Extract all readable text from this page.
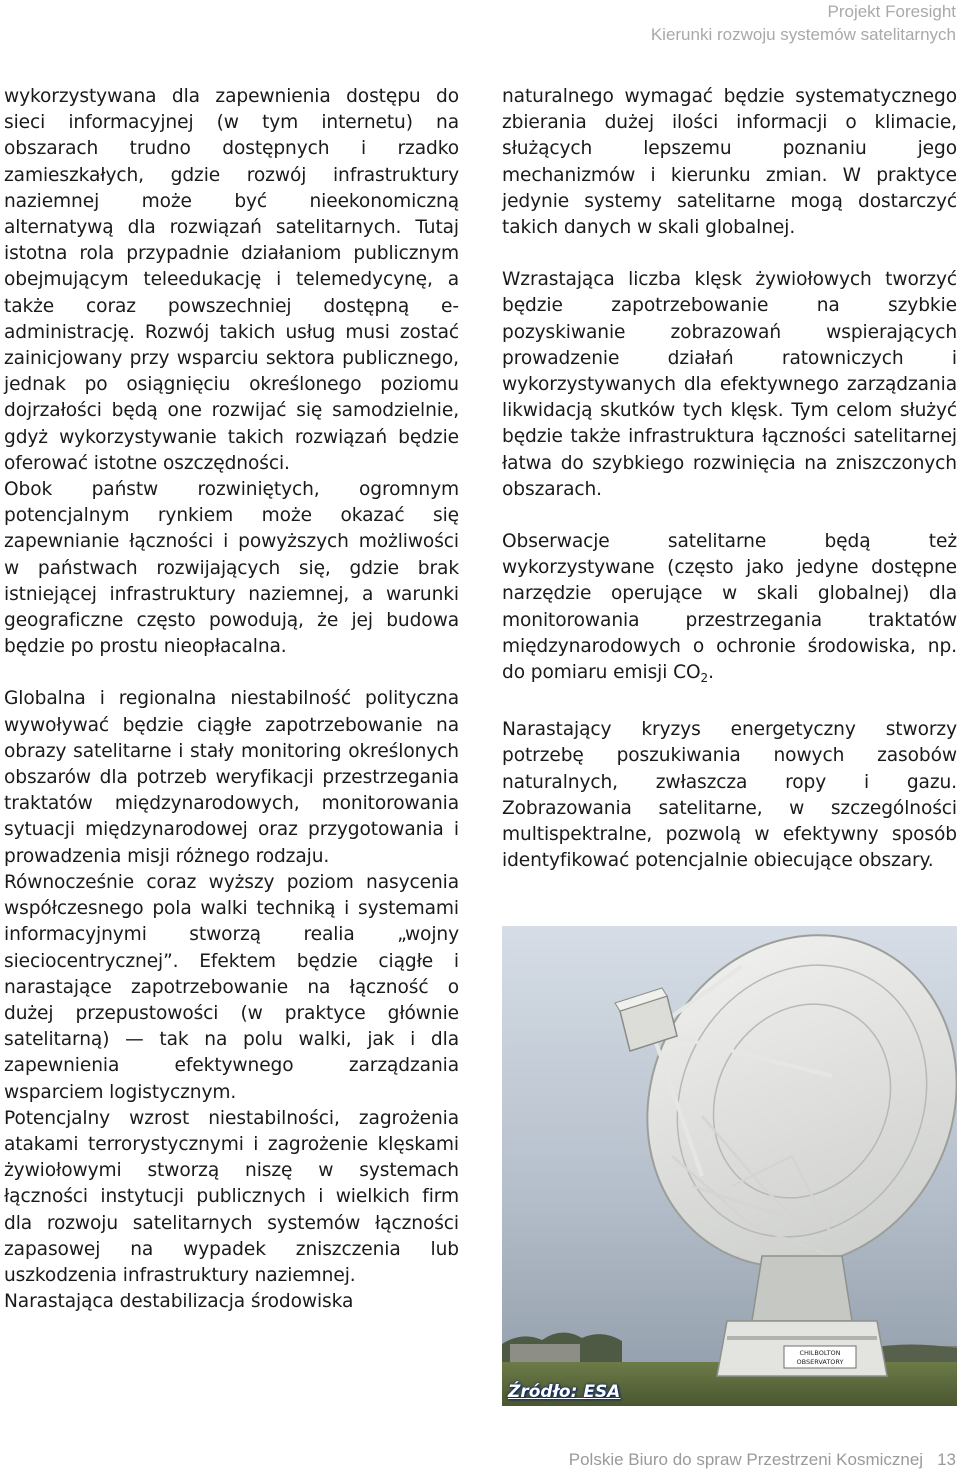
Projekt Foresight
Kierunki rozwoju systemów satelitarnych

wykorzystywana dla zapewnienia dostępu do sieci informacyjnej (w tym internetu) na obszarach trudno dostępnych i rzadko zamieszkałych, gdzie rozwój infrastruktury naziemnej może być nieekonomiczną alternatywą dla rozwiązań satelitarnych. Tutaj istotna rola przypadnie działaniom publicznym obejmującym teleedukację i telemedycynę, a także coraz powszechniej dostępną e-administrację. Rozwój takich usług musi zostać zainicjowany przy wsparciu sektora publicznego, jednak po osiągnięciu określonego poziomu dojrzałości będą one rozwijać się samodzielnie, gdyż wykorzystywanie takich rozwiązań będzie oferować istotne oszczędności.

Obok państw rozwiniętych, ogromnym potencjalnym rynkiem może okazać się zapewnianie łączności i powyższych możliwości w państwach rozwijających się, gdzie brak istniejącej infrastruktury naziemnej, a warunki geograficzne często powodują, że jej budowa będzie po prostu nieopłacalna.

Globalna i regionalna niestabilność polityczna wywoływać będzie ciągłe zapotrzebowanie na obrazy satelitarne i stały monitoring określonych obszarów dla potrzeb weryfikacji przestrzegania traktatów międzynarodowych, monitorowania sytuacji międzynarodowej oraz przygotowania i prowadzenia misji różnego rodzaju.

Równocześnie coraz wyższy poziom nasycenia współczesnego pola walki techniką i systemami informacyjnymi stworzą realia „wojny sieciocentrycznej”. Efektem będzie ciągłe i narastające zapotrzebowanie na łączność o dużej przepustowości (w praktyce głównie satelitarną) — tak na polu walki, jak i dla zapewnienia efektywnego zarządzania wsparciem logistycznym.

Potencjalny wzrost niestabilności, zagrożenia atakami terrorystycznymi i zagrożenie klęskami żywiołowymi stworzą niszę w systemach łączności instytucji publicznych i wielkich firm dla rozwoju satelitarnych systemów łączności zapasowej na wypadek zniszczenia lub uszkodzenia infrastruktury naziemnej.

Narastająca destabilizacja środowiska

naturalnego wymagać będzie systematycznego zbierania dużej ilości informacji o klimacie, służących lepszemu poznaniu jego mechanizmów i kierunku zmian. W praktyce jedynie systemy satelitarne mogą dostarczyć takich danych w skali globalnej.

Wzrastająca liczba klęsk żywiołowych tworzyć będzie zapotrzebowanie na szybkie pozyskiwanie zobrazowań wspierających prowadzenie działań ratowniczych i wykorzystywanych dla efektywnego zarządzania likwidacją skutków tych klęsk. Tym celom służyć będzie także infrastruktura łączności satelitarnej łatwa do szybkiego rozwinięcia na zniszczonych obszarach.

Obserwacje satelitarne będą też wykorzystywane (często jako jedyne dostępne narzędzie operujące w skali globalnej) dla monitorowania przestrzegania traktatów międzynarodowych o ochronie środowiska, np. do pomiaru emisji $CO_2$.

Narastający kryzys energetyczny stworzy potrzebę poszukiwania nowych zasobów naturalnych, zwłaszcza ropy i gazu. Zobrazowania satelitarne, w szczególności multispektralne, pozwolą w efektywny sposób identyfikować potencjalnie obiecujące obszary.

CHILBOLTON
OBSERVATORY
Źródło: ESA
Polskie Biuro do spraw Przestrzeni Kosmicznej 13
